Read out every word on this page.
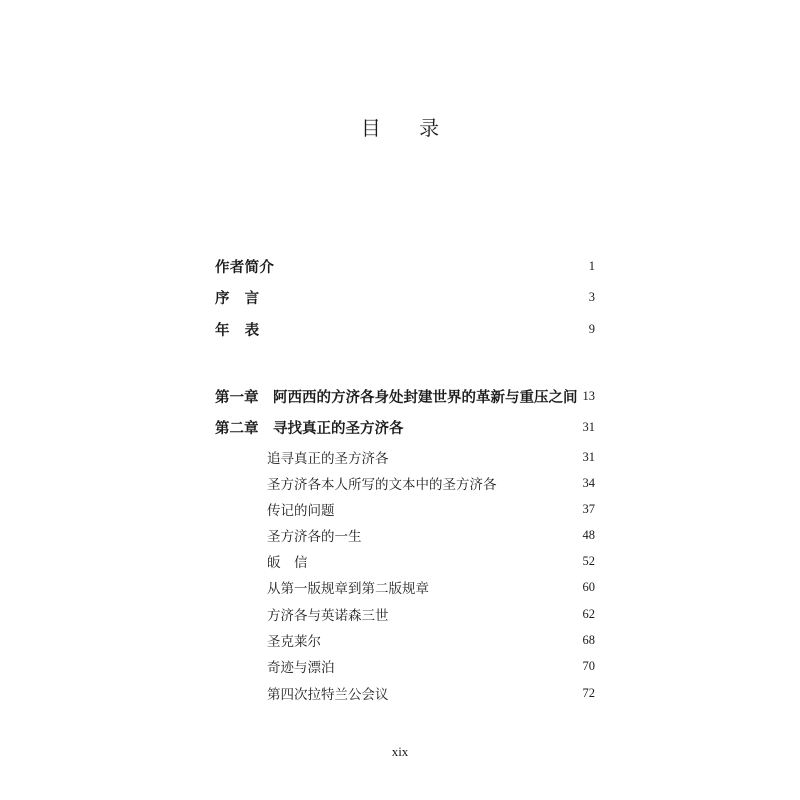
目 录
作者简介	1
序　言	3
年　表	9
第一章　阿西西的方济各身处封建世界的革新与重压之间 13
第二章　寻找真正的圣方济各	31
追寻真正的圣方济各	31
圣方济各本人所写的文本中的圣方济各	34
传记的问题	37
圣方济各的一生	48
皈　信	52
从第一版规章到第二版规章	60
方济各与英诺森三世	62
圣克莱尔	68
奇迹与漂泊	70
第四次拉特兰公会议	72
xix
